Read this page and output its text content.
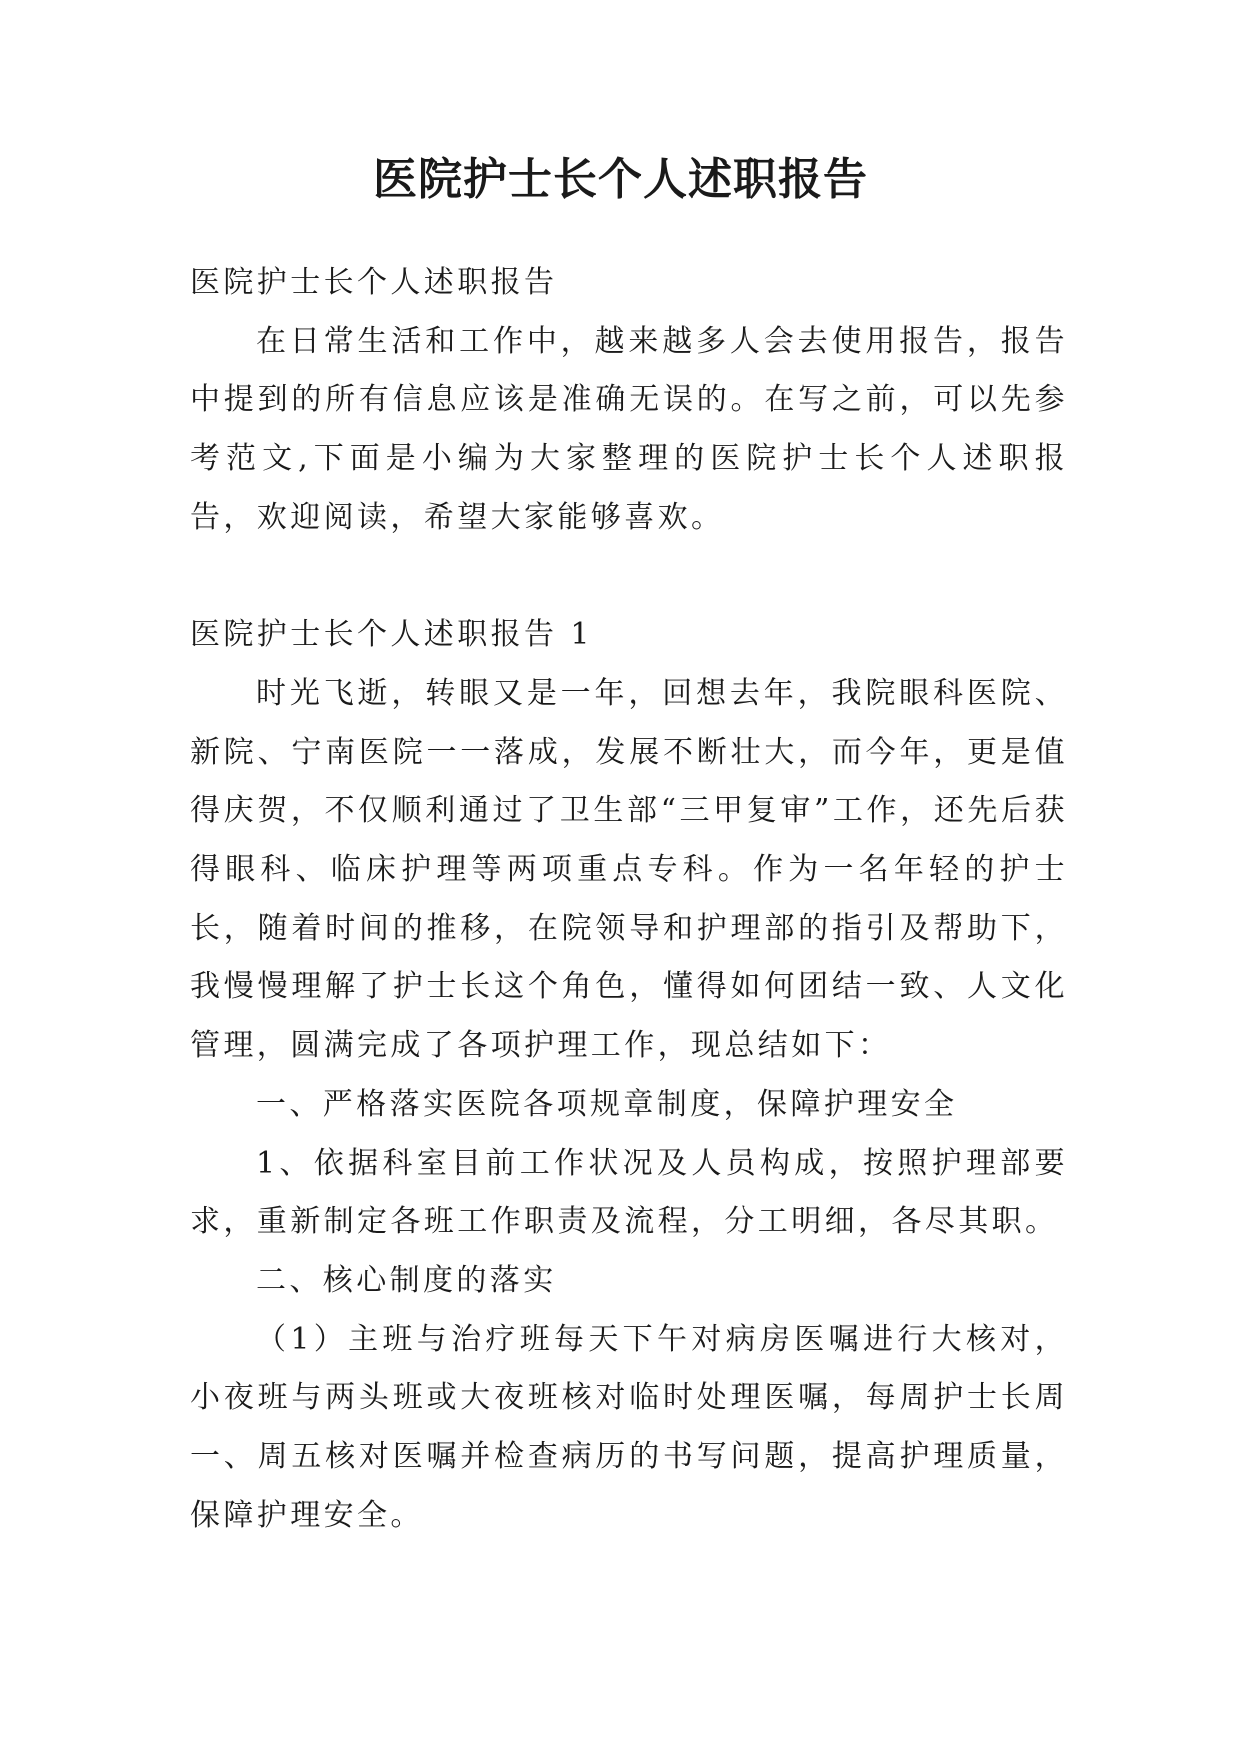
医院护士长个人述职报告

医院护士长个人述职报告

在日常生活和工作中，越来越多人会去使用报告，报告中提到的所有信息应该是准确无误的。在写之前，可以先参考范文,下面是小编为大家整理的医院护士长个人述职报告，欢迎阅读，希望大家能够喜欢。

医院护士长个人述职报告 1

时光飞逝，转眼又是一年，回想去年，我院眼科医院、新院、宁南医院一一落成，发展不断壮大，而今年，更是值得庆贺，不仅顺利通过了卫生部“三甲复审”工作，还先后获得眼科、临床护理等两项重点专科。作为一名年轻的护士长，随着时间的推移，在院领导和护理部的指引及帮助下，我慢慢理解了护士长这个角色，懂得如何团结一致、人文化管理，圆满完成了各项护理工作，现总结如下：

一、严格落实医院各项规章制度，保障护理安全

1、依据科室目前工作状况及人员构成，按照护理部要求，重新制定各班工作职责及流程，分工明细，各尽其职。

二、核心制度的落实

（1）主班与治疗班每天下午对病房医嘱进行大核对，小夜班与两头班或大夜班核对临时处理医嘱，每周护士长周一、周五核对医嘱并检查病历的书写问题，提高护理质量，保障护理安全。
